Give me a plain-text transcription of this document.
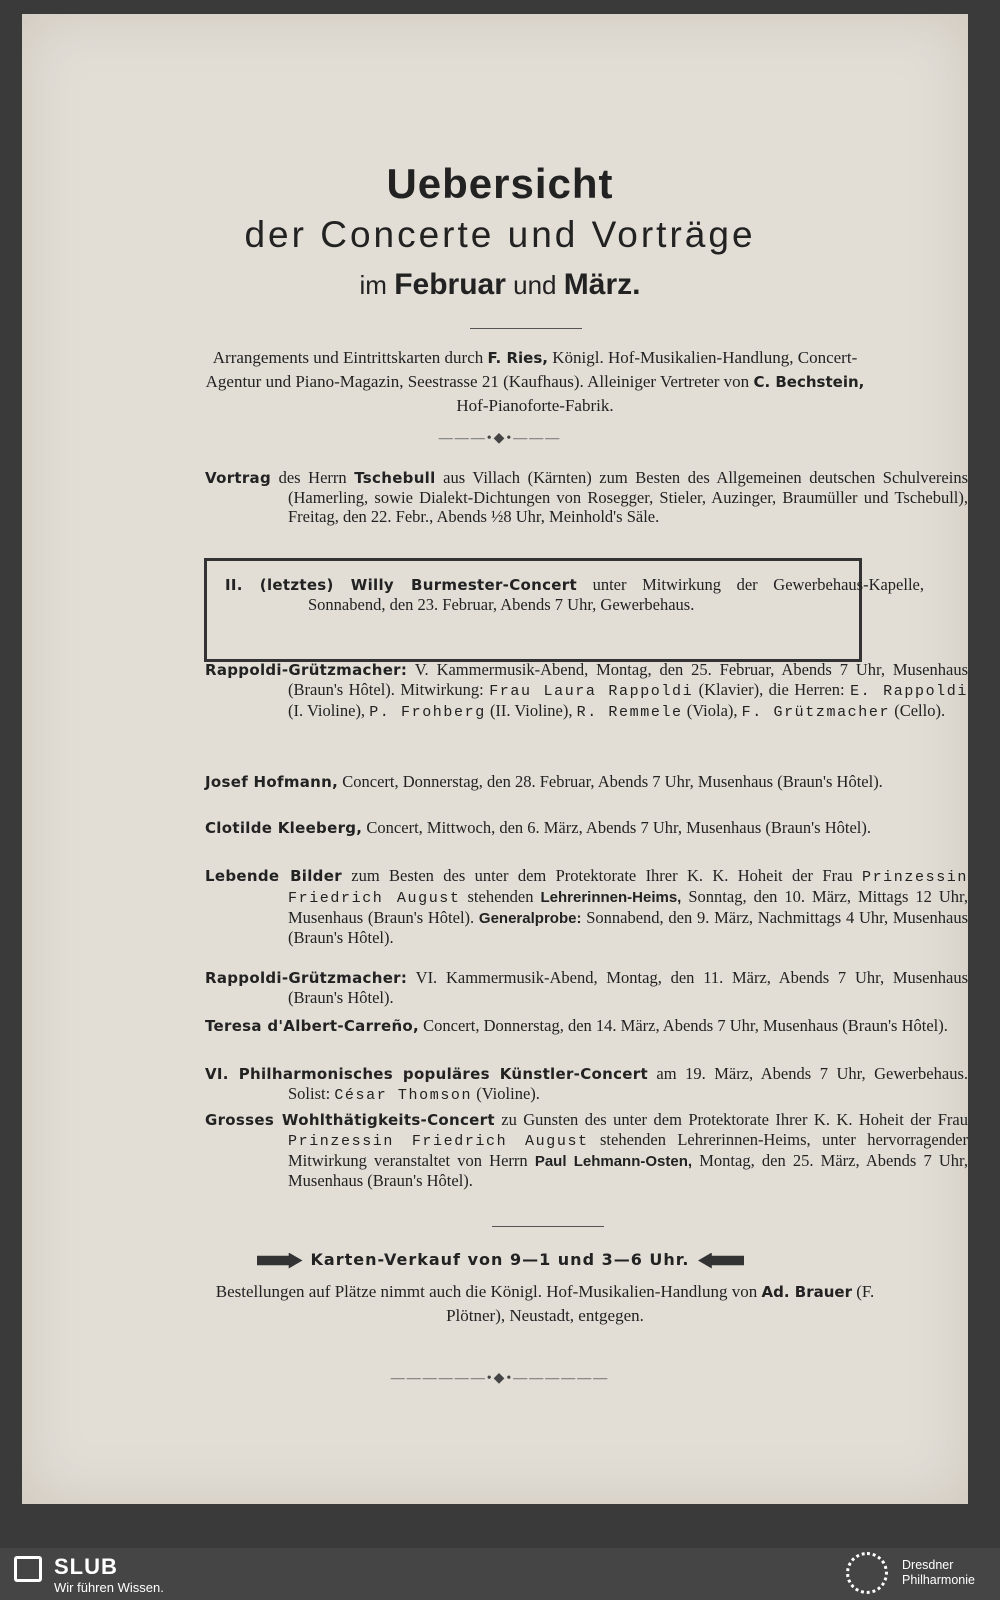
Uebersicht
der Concerte und Vorträge
im Februar und März.
Arrangements und Eintrittskarten durch F. Ries, Königl. Hof-Musikalien-Handlung, Concert-Agentur und Piano-Magazin, Seestrasse 21 (Kaufhaus). Alleiniger Vertreter von C. Bechstein, Hof-Pianoforte-Fabrik.
———•◆•———
Vortrag des Herrn Tschebull aus Villach (Kärnten) zum Besten des Allgemeinen deutschen Schulvereins (Hamerling, sowie Dialekt-Dichtungen von Rosegger, Stieler, Auzinger, Braumüller und Tschebull), Freitag, den 22. Febr., Abends ½8 Uhr, Meinhold's Säle.
II. (letztes) Willy Burmester-Concert unter Mitwirkung der Gewerbehaus-Kapelle, Sonnabend, den 23. Februar, Abends 7 Uhr, Gewerbehaus.
Rappoldi-Grützmacher: V. Kammermusik-Abend, Montag, den 25. Februar, Abends 7 Uhr, Musenhaus (Braun's Hôtel). Mitwirkung: Frau Laura Rappoldi (Klavier), die Herren: E. Rappoldi (I. Violine), P. Frohberg (II. Violine), R. Remmele (Viola), F. Grützmacher (Cello).
Josef Hofmann, Concert, Donnerstag, den 28. Februar, Abends 7 Uhr, Musenhaus (Braun's Hôtel).
Clotilde Kleeberg, Concert, Mittwoch, den 6. März, Abends 7 Uhr, Musenhaus (Braun's Hôtel).
Lebende Bilder zum Besten des unter dem Protektorate Ihrer K. K. Hoheit der Frau Prinzessin Friedrich August stehenden Lehrerinnen-Heims, Sonntag, den 10. März, Mittags 12 Uhr, Musenhaus (Braun's Hôtel). Generalprobe: Sonnabend, den 9. März, Nachmittags 4 Uhr, Musenhaus (Braun's Hôtel).
Rappoldi-Grützmacher: VI. Kammermusik-Abend, Montag, den 11. März, Abends 7 Uhr, Musenhaus (Braun's Hôtel).
Teresa d'Albert-Carreño, Concert, Donnerstag, den 14. März, Abends 7 Uhr, Musenhaus (Braun's Hôtel).
VI. Philharmonisches populäres Künstler-Concert am 19. März, Abends 7 Uhr, Gewerbehaus. Solist: César Thomson (Violine).
Grosses Wohlthätigkeits-Concert zu Gunsten des unter dem Protektorate Ihrer K. K. Hoheit der Frau Prinzessin Friedrich August stehenden Lehrerinnen-Heims, unter hervorragender Mitwirkung veranstaltet von Herrn Paul Lehmann-Osten, Montag, den 25. März, Abends 7 Uhr, Musenhaus (Braun's Hôtel).
Karten-Verkauf von 9—1 und 3—6 Uhr.
Bestellungen auf Plätze nimmt auch die Königl. Hof-Musikalien-Handlung von Ad. Brauer (F. Plötner), Neustadt, entgegen.
——————•◆•——————
SLUB
Wir führen Wissen.
Dresdner
Philharmonie
